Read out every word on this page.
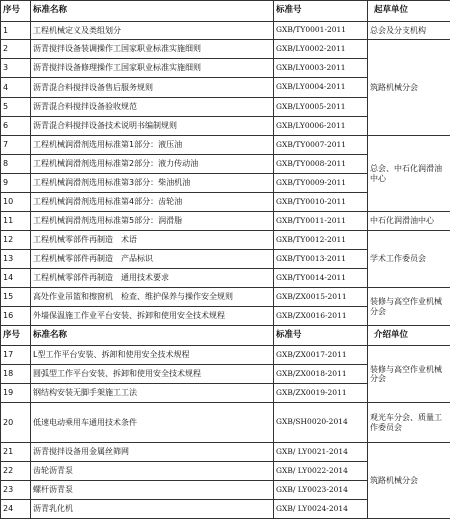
序号	标准名称	标准号	起草单位
1	工程机械定义及类组划分	GXB/TY0001-2011	总会及分支机构
2	沥青搅拌设备装调操作工国家职业标准实施细则	GXB/LY0002-2011	筑路机械分会
3	沥青搅拌设备修理操作工国家职业标准实施细则	GXB/LY0003-2011	
4	沥青混合料搅拌设备售后服务规则	GXB/LY0004-2011	
5	沥青混合料搅拌设备验收规范	GXB/LY0005-2011	
6	沥青混合料搅拌设备技术说明书编制规则	GXB/LY0006-2011	
7	工程机械润滑剂选用标准第1部分：液压油	GXB/TY0007-2011	总会、中石化润滑油中心
8	工程机械润滑剂选用标准第2部分：液力传动油	GXB/TY0008-2011	
9	工程机械润滑剂选用标准第3部分：柴油机油	GXB/TY0009-2011	
10	工程机械润滑剂选用标准第4部分：齿轮油	GXB/TY0010-2011	
11	工程机械润滑剂选用标准第5部分：润滑脂	GXB/TY0011-2011	中石化润滑油中心
12	工程机械零部件再制造　术语	GXB/TY0012-2011	学术工作委员会
13	工程机械零部件再制造　产品标识	GXB/TY0013-2011	
14	工程机械零部件再制造　通用技术要求	GXB/TY0014-2011	
15	高处作业吊篮和擦窗机　检查、维护保养与操作安全规则	GXB/ZX0015-2011	装修与高空作业机械分会
16	外墙保温施工作业平台安装、拆卸和使用安全技术规程	GXB/ZX0016-2011	
序号	标准名称	标准号	介绍单位
17	L型工作平台安装、拆卸和使用安全技术规程	GXB/ZX0017-2011	装修与高空作业机械分会
18	圆弧型工作平台安装、拆卸和使用安全技术规程	GXB/ZX0018-2011	
19	钢结构安装无脚手架施工工法	GXB/ZX0019-2011	
20	低速电动乘用车通用技术条件	GXB/SH0020-2014	观光车分会、质量工作委员会
21	沥青搅拌设备用金属丝筛网	GXB/ LY0021-2014	筑路机械分会
22	齿轮沥青泵	GXB/ LY0022-2014	
23	螺杆沥青泵	GXB/ LY0023-2014	
24	沥青乳化机	GXB/ LY0024-2014	
